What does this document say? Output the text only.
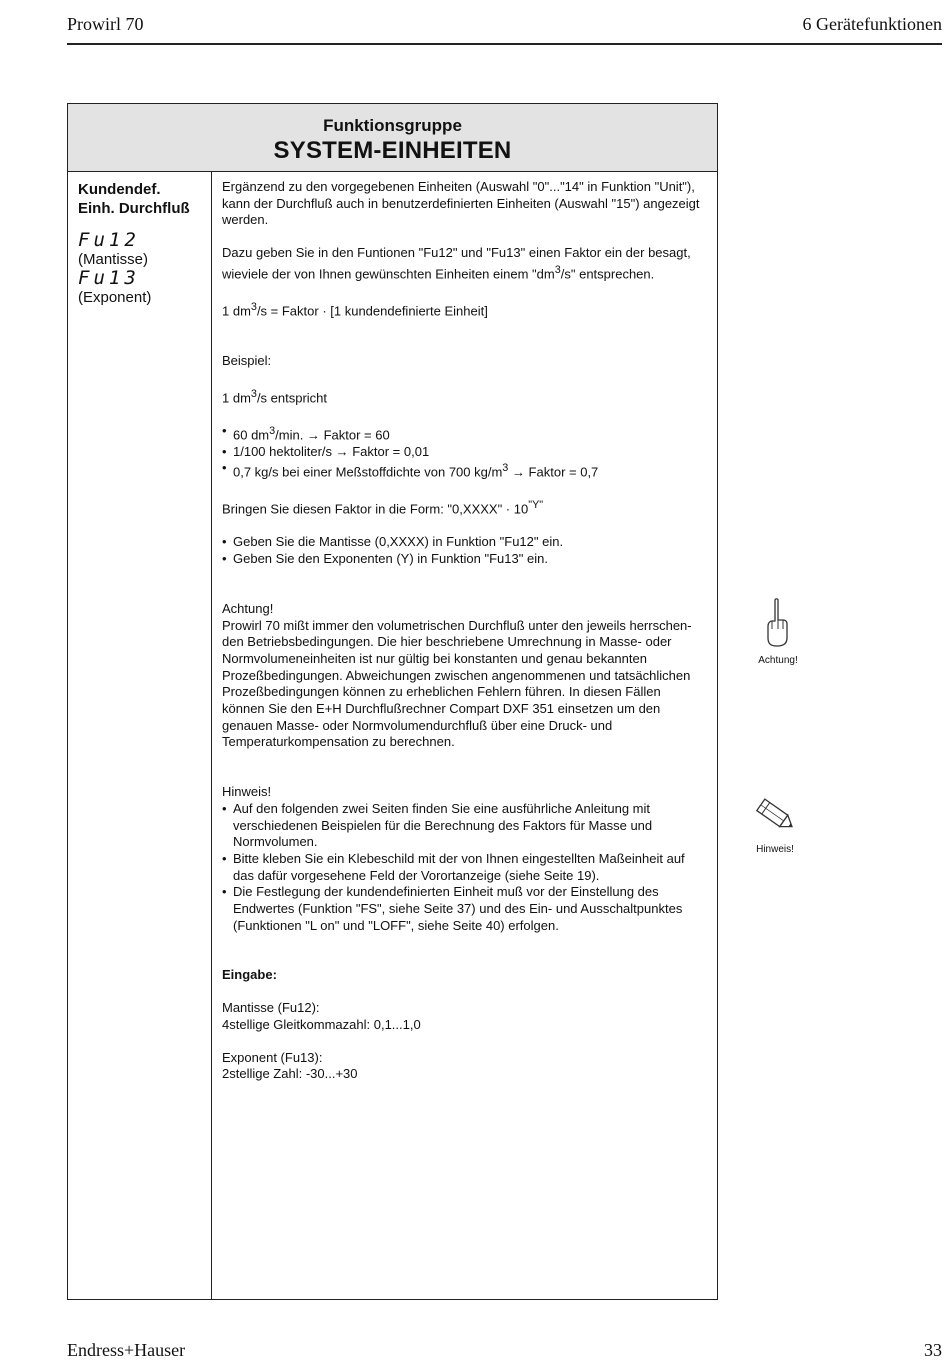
Prowirl 70	6 Gerätefunktionen
Funktionsgruppe
SYSTEM-EINHEITEN
Kundendef.
Einh. Durchfluß
Fu12
(Mantisse)
Fu13
(Exponent)

Ergänzend zu den vorgegebenen Einheiten (Auswahl "0"..."14" in Funktion "Unit"), kann der Durchfluß auch in benutzerdefinierten Einheiten (Auswahl "15") angezeigt werden.

Dazu geben Sie in den Funtionen "Fu12" und "Fu13" einen Faktor ein der besagt, wieviele der von Ihnen gewünschten Einheiten einem "$dm^3/s$" entsprechen.

1 $dm^3/s$ = Faktor · [1 kundendefinierte Einheit]

Beispiel:

1 $dm^3/s$ entspricht

• 60 $dm^3/\min$. → Faktor = 60
• 1/100 hektoliter/s → Faktor = 0,01
• 0,7 kg/s bei einer Meßstoffdichte von 700 $kg/m^3$ → Faktor = 0,7

Bringen Sie diesen Faktor in die Form: "0,XXXX" · $10^{"Y"}$

• Geben Sie die Mantisse (0,XXXX) in Funktion "Fu12" ein.
• Geben Sie den Exponenten (Y) in Funktion "Fu13" ein.

Achtung!

Prowirl 70 mißt immer den volumetrischen Durchfluß unter den jeweils herrschen-den Betriebsbedingungen. Die hier beschriebene Umrechnung in Masse- oder Normvolumeneinheiten ist nur gültig bei konstanten und genau bekannten Prozeßbedingungen. Abweichungen zwischen angenommenen und tatsächlichen Prozeßbedingungen können zu erheblichen Fehlern führen. In diesen Fällen können Sie den E+H Durchflußrechner Compart DXF 351 einsetzen um den genauen Masse- oder Normvolumendurchfluß über eine Druck- und Temperaturkompensation zu berechnen.

Hinweis!

• Auf den folgenden zwei Seiten finden Sie eine ausführliche Anleitung mit verschiedenen Beispielen für die Berechnung des Faktors für Masse und Normvolumen.
• Bitte kleben Sie ein Klebeschild mit der von Ihnen eingestellten Maßeinheit auf das dafür vorgesehene Feld der Vorortanzeige (siehe Seite 19).
• Die Festlegung der kundendefinierten Einheit muß vor der Einstellung des Endwertes (Funktion "FS", siehe Seite 37) und des Ein- und Ausschaltpunktes (Funktionen "L on" und "LOFF", siehe Seite 40) erfolgen.

Eingabe:

Mantisse (Fu12):

4stellige Gleitkommazahl: 0,1...1,0

Exponent (Fu13):

2stellige Zahl: -30...+30

Achtung!
Hinweis!
Endress+Hauser	33
